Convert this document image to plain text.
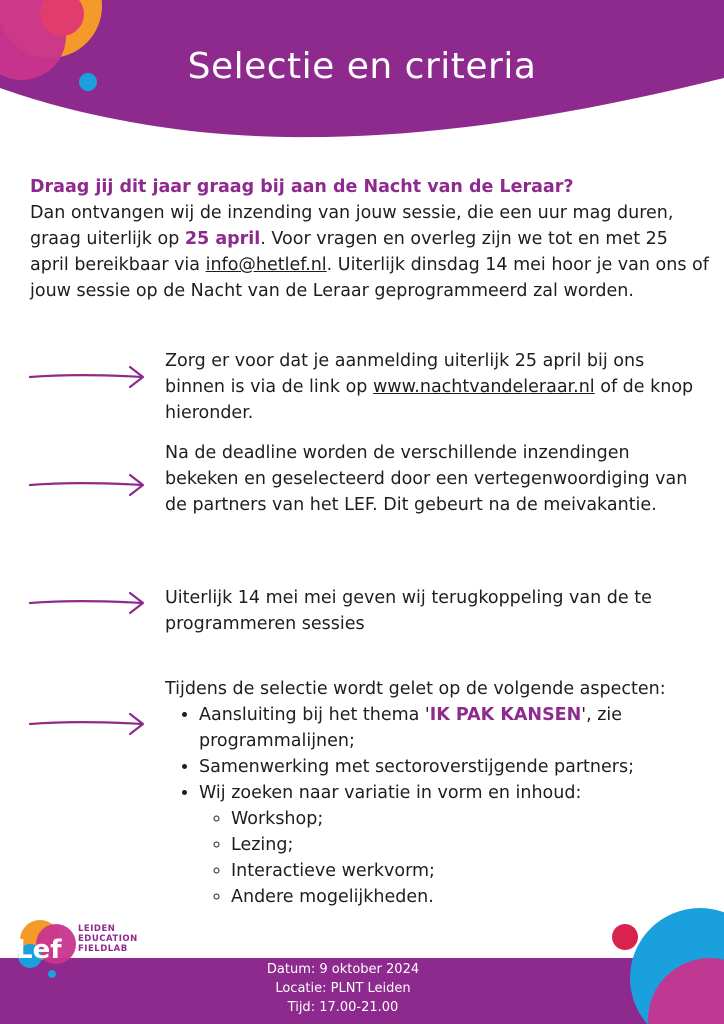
Selectie en criteria
Draag jij dit jaar graag bij aan de Nacht van de Leraar?
Dan ontvangen wij de inzending van jouw sessie, die een uur mag duren, graag uiterlijk op 25 april. Voor vragen en overleg zijn we tot en met 25 april bereikbaar via info@hetlef.nl. Uiterlijk dinsdag 14 mei hoor je van ons of jouw sessie op de Nacht van de Leraar geprogrammeerd zal worden.
Zorg er voor dat je aanmelding uiterlijk 25 april bij ons binnen is via de link op www.nachtvandeleraar.nl of de knop hieronder.
Na de deadline worden de verschillende inzendingen bekeken en geselecteerd door een vertegenwoordiging van de partners van het LEF. Dit gebeurt na de meivakantie.
Uiterlijk 14 mei mei geven wij terugkoppeling van de te programmeren sessies
Tijdens de selectie wordt gelet op de volgende aspecten:
• Aansluiting bij het thema 'IK PAK KANSEN', zie programmalijnen;
• Samenwerking met sectoroverstijgende partners;
• Wij zoeken naar variatie in vorm en inhoud:
◦ Workshop;
◦ Lezing;
◦ Interactieve werkvorm;
◦ Andere mogelijkheden.
Datum: 9 oktober 2024
Locatie: PLNT Leiden
Tijd: 17.00-21.00
Lef
LEIDEN
EDUCATION
FIELDLAB
